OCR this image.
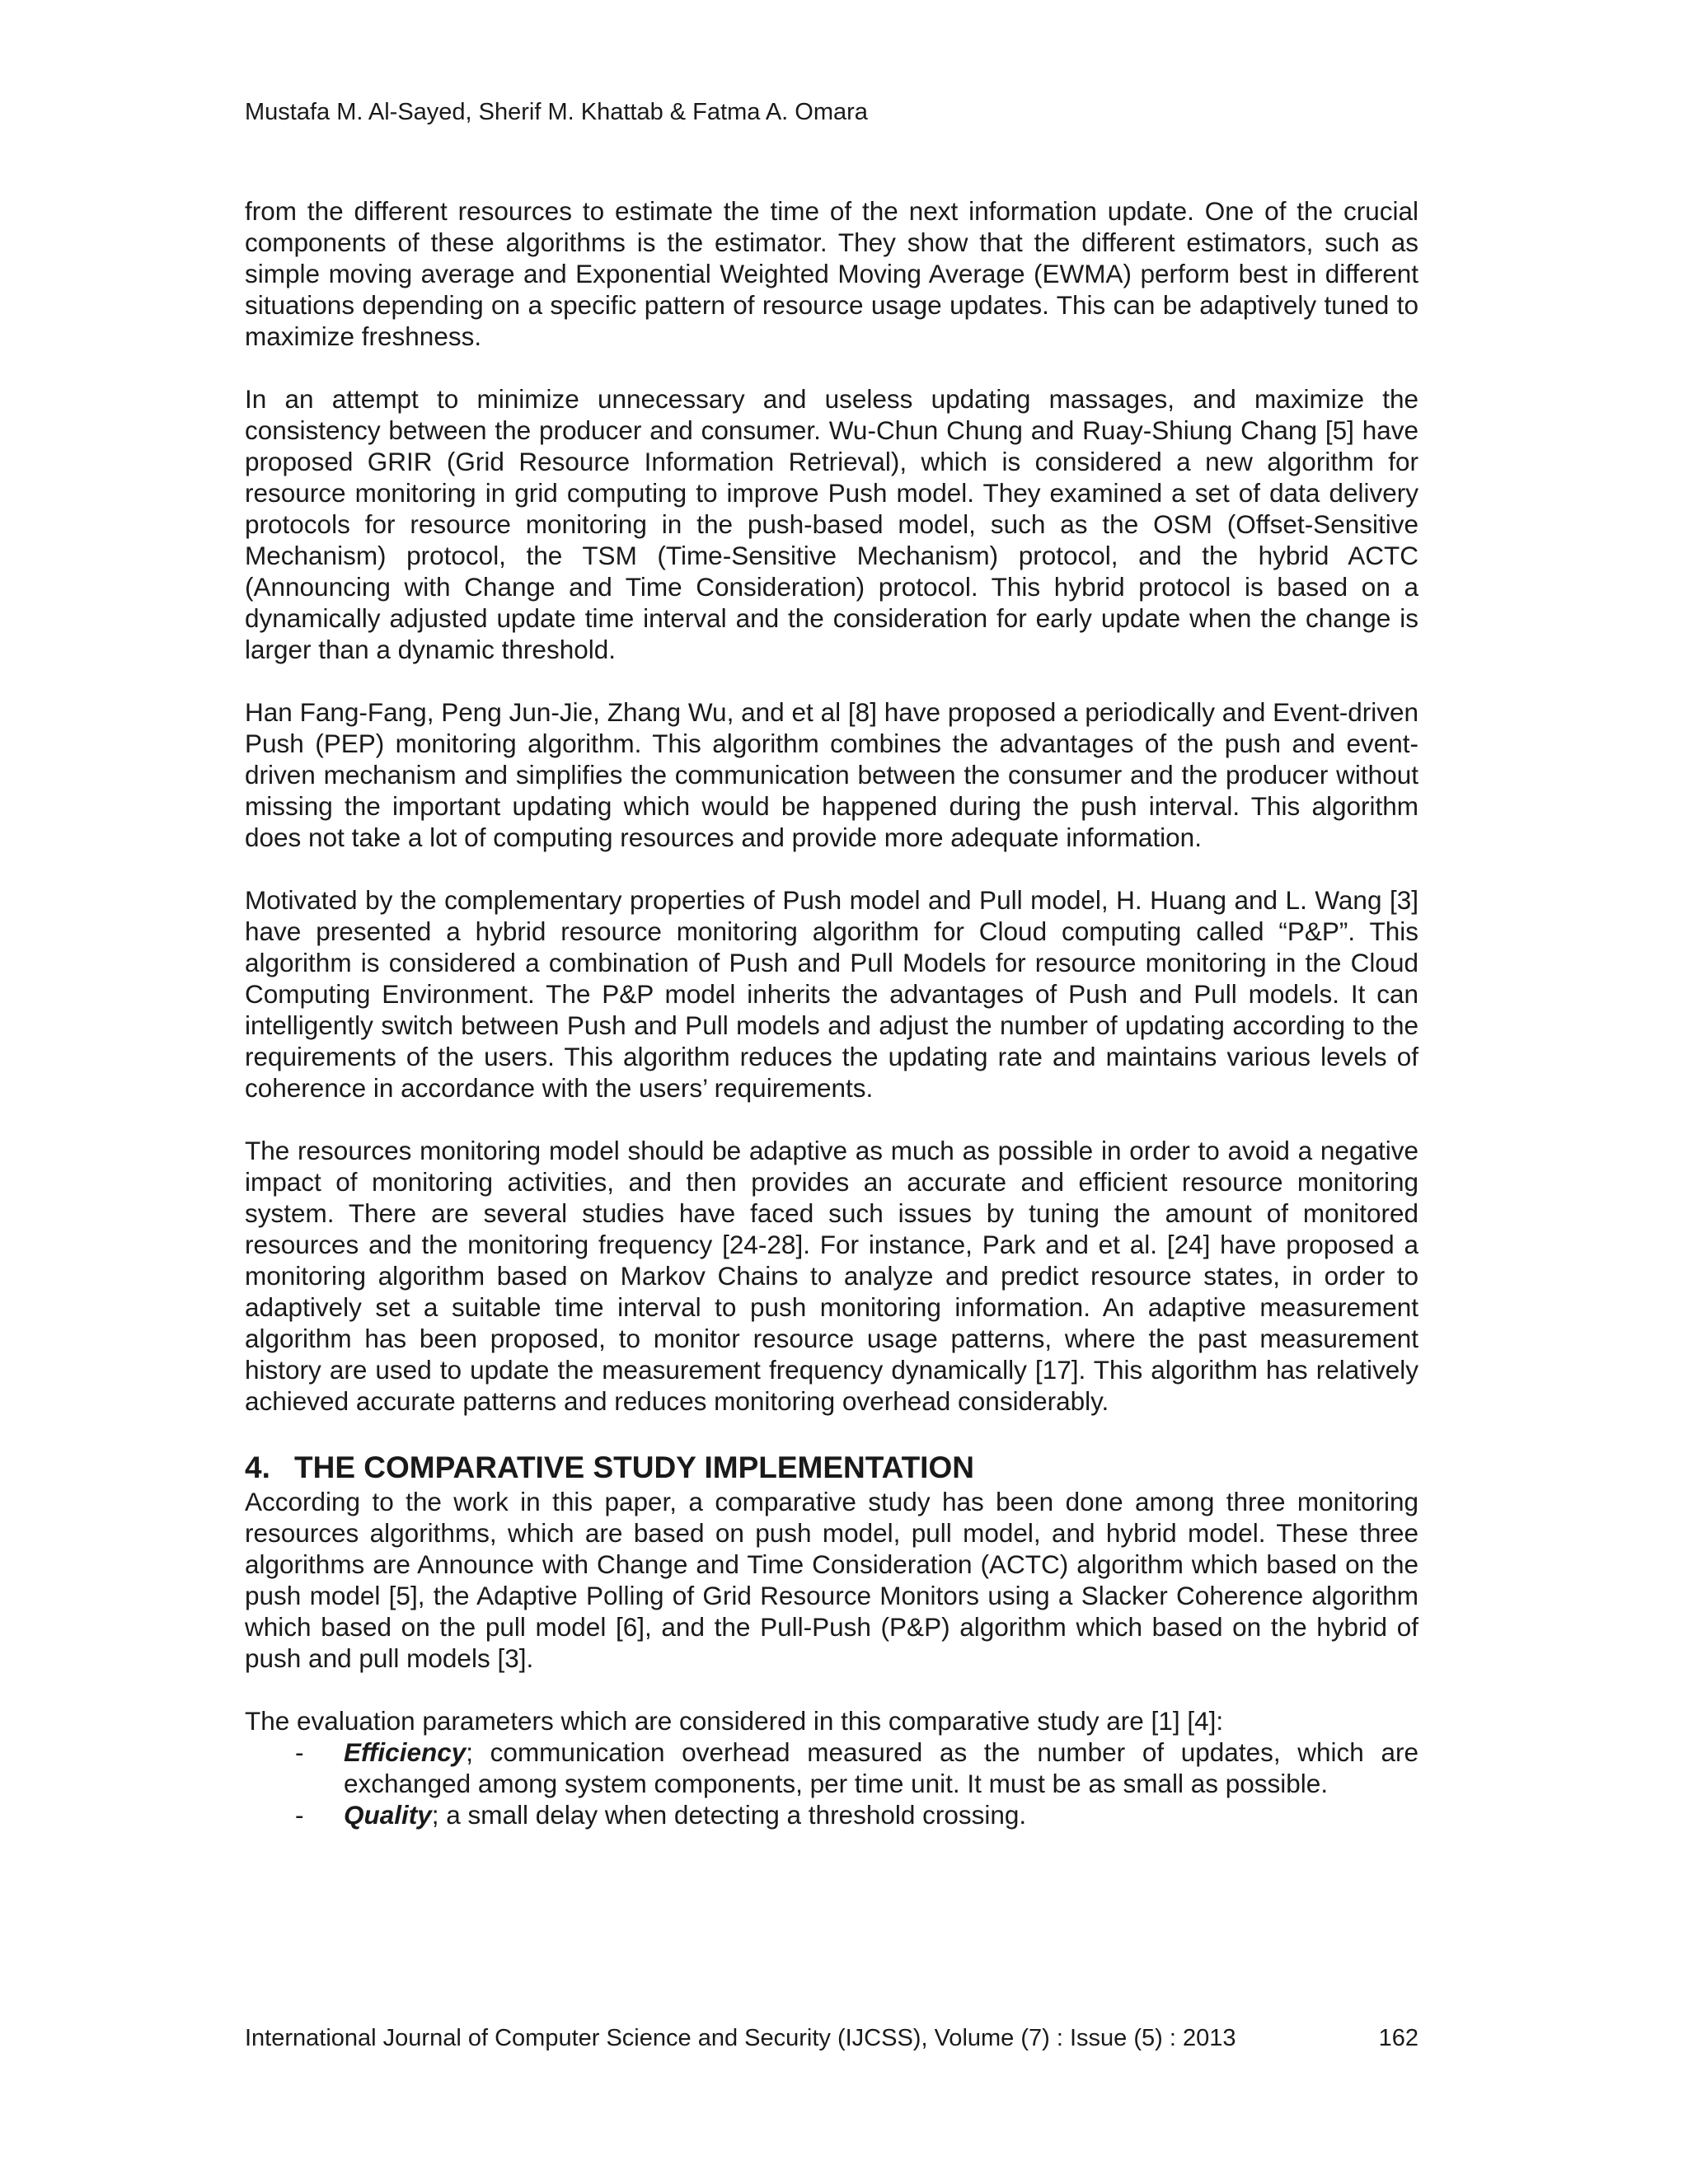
Mustafa M. Al-Sayed, Sherif M. Khattab & Fatma A. Omara

from the different resources to estimate the time of the next information update. One of the crucial components of these algorithms is the estimator. They show that the different estimators, such as simple moving average and Exponential Weighted Moving Average (EWMA) perform best in different situations depending on a specific pattern of resource usage updates. This can be adaptively tuned to maximize freshness.

In an attempt to minimize unnecessary and useless updating massages, and maximize the consistency between the producer and consumer. Wu-Chun Chung and Ruay-Shiung Chang [5] have proposed GRIR (Grid Resource Information Retrieval), which is considered a new algorithm for resource monitoring in grid computing to improve Push model. They examined a set of data delivery protocols for resource monitoring in the push-based model, such as the OSM (Offset-Sensitive Mechanism) protocol, the TSM (Time-Sensitive Mechanism) protocol, and the hybrid ACTC (Announcing with Change and Time Consideration) protocol. This hybrid protocol is based on a dynamically adjusted update time interval and the consideration for early update when the change is larger than a dynamic threshold.

Han Fang-Fang, Peng Jun-Jie, Zhang Wu, and et al [8] have proposed a periodically and Event-driven Push (PEP) monitoring algorithm. This algorithm combines the advantages of the push and event-driven mechanism and simplifies the communication between the consumer and the producer without missing the important updating which would be happened during the push interval. This algorithm does not take a lot of computing resources and provide more adequate information.

Motivated by the complementary properties of Push model and Pull model, H. Huang and L. Wang [3] have presented a hybrid resource monitoring algorithm for Cloud computing called “P&P”. This algorithm is considered a combination of Push and Pull Models for resource monitoring in the Cloud Computing Environment. The P&P model inherits the advantages of Push and Pull models. It can intelligently switch between Push and Pull models and adjust the number of updating according to the requirements of the users. This algorithm reduces the updating rate and maintains various levels of coherence in accordance with the users’ requirements.

The resources monitoring model should be adaptive as much as possible in order to avoid a negative impact of monitoring activities, and then provides an accurate and efficient resource monitoring system. There are several studies have faced such issues by tuning the amount of monitored resources and the monitoring frequency [24-28]. For instance, Park and et al. [24] have proposed a monitoring algorithm based on Markov Chains to analyze and predict resource states, in order to adaptively set a suitable time interval to push monitoring information. An adaptive measurement algorithm has been proposed, to monitor resource usage patterns, where the past measurement history are used to update the measurement frequency dynamically [17]. This algorithm has relatively achieved accurate patterns and reduces monitoring overhead considerably.

4. THE COMPARATIVE STUDY IMPLEMENTATION

According to the work in this paper, a comparative study has been done among three monitoring resources algorithms, which are based on push model, pull model, and hybrid model. These three algorithms are Announce with Change and Time Consideration (ACTC) algorithm which based on the push model [5], the Adaptive Polling of Grid Resource Monitors using a Slacker Coherence algorithm which based on the pull model [6], and the Pull-Push (P&P) algorithm which based on the hybrid of push and pull models [3].

The evaluation parameters which are considered in this comparative study are [1] [4]:

- Efficiency; communication overhead measured as the number of updates, which are exchanged among system components, per time unit. It must be as small as possible.
- Quality; a small delay when detecting a threshold crossing.
International Journal of Computer Science and Security (IJCSS), Volume (7) : Issue (5) : 2013	162
